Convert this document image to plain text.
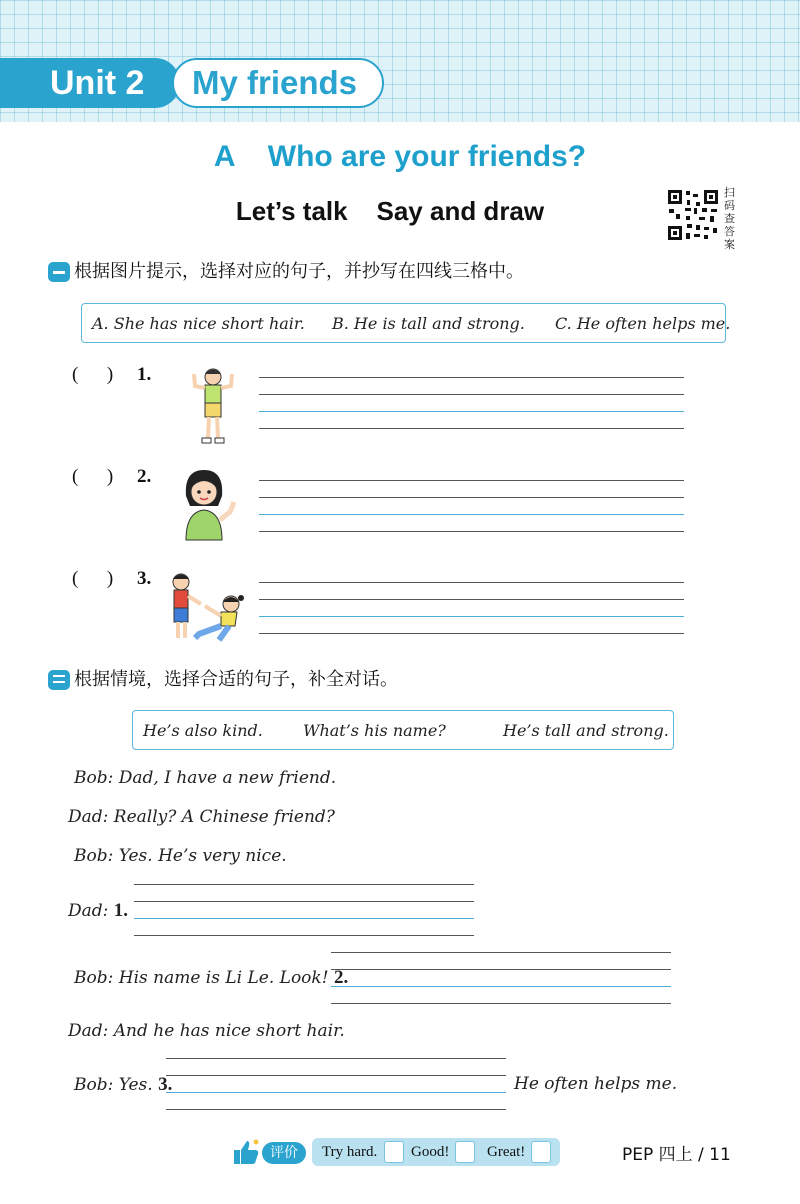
Unit 2 My friends
A    Who are your friends?
Let’s talk    Say and draw
扫
码
查
答
案
根据图片提示，选择对应的句子，并抄写在四线三格中。
A. She has nice short hair. B. He is tall and strong. C. He often helps me.
(      ) 1.
(      ) 2.
(      ) 3.
根据情境，选择合适的句子，补全对话。
He’s also kind.	What’s his name?	He’s tall and strong.
Bob: Dad, I have a new friend.
Dad: Really? A Chinese friend?
Bob: Yes. He’s very nice.
Dad: 1.
Bob: His name is Li Le. Look! 2.
Dad: And he has nice short hair.
Bob: Yes. 3.	He often helps me.
评价	Try hard. Good!	Great!	PEP 四上 / 11
